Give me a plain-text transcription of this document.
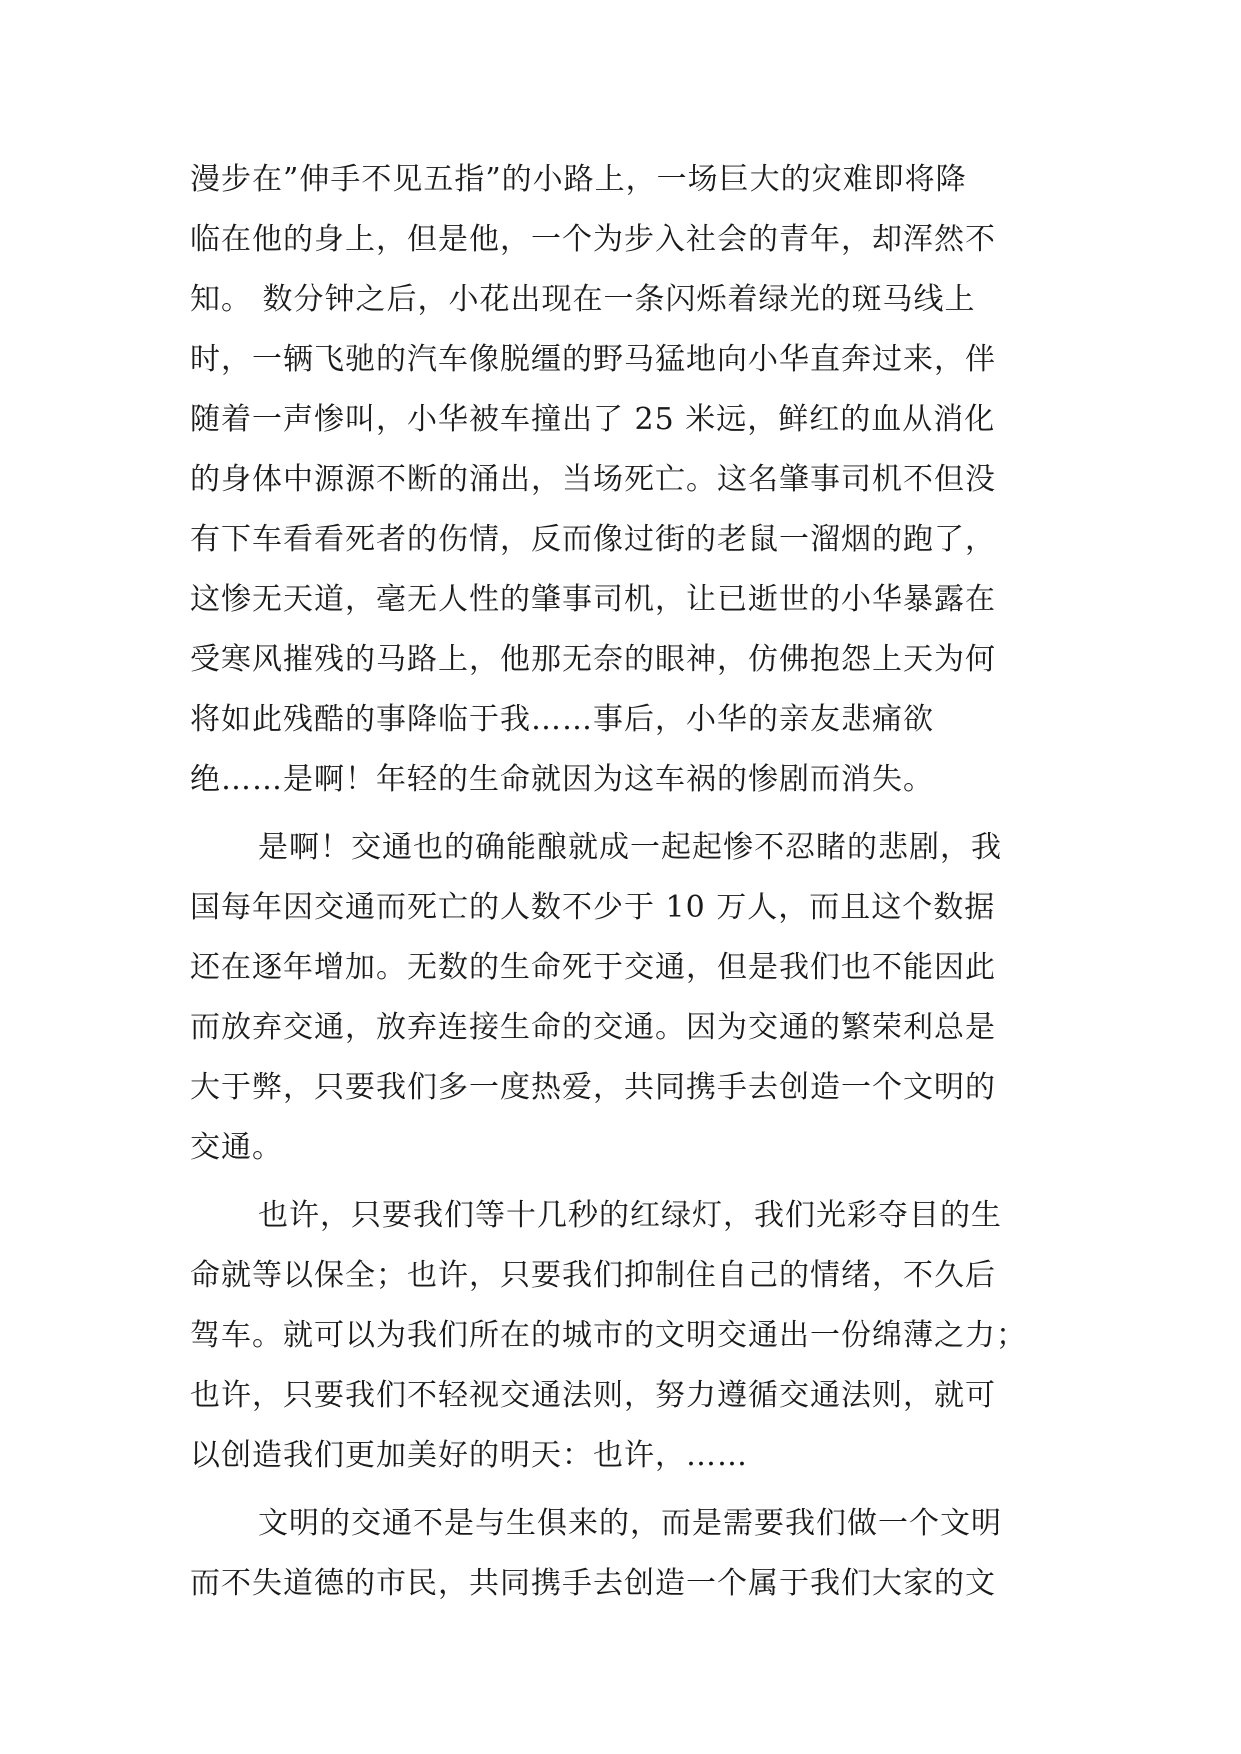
漫步在”伸手不见五指”的小路上，一场巨大的灾难即将降
临在他的身上，但是他，一个为步入社会的青年，却浑然不
知。 数分钟之后，小花出现在一条闪烁着绿光的斑马线上
时，一辆飞驰的汽车像脱缰的野马猛地向小华直奔过来，伴
随着一声惨叫，小华被车撞出了 25 米远，鲜红的血从消化
的身体中源源不断的涌出，当场死亡。这名肇事司机不但没
有下车看看死者的伤情，反而像过街的老鼠一溜烟的跑了，
这惨无天道，毫无人性的肇事司机，让已逝世的小华暴露在
受寒风摧残的马路上，他那无奈的眼神，仿佛抱怨上天为何
将如此残酷的事降临于我……事后，小华的亲友悲痛欲
绝……是啊！年轻的生命就因为这车祸的惨剧而消失。
是啊！交通也的确能酿就成一起起惨不忍睹的悲剧，我
国每年因交通而死亡的人数不少于 10 万人，而且这个数据
还在逐年增加。无数的生命死于交通，但是我们也不能因此
而放弃交通，放弃连接生命的交通。因为交通的繁荣利总是
大于弊，只要我们多一度热爱，共同携手去创造一个文明的
交通。
也许，只要我们等十几秒的红绿灯，我们光彩夺目的生
命就等以保全；也许，只要我们抑制住自己的情绪，不久后
驾车。就可以为我们所在的城市的文明交通出一份绵薄之力；
也许，只要我们不轻视交通法则，努力遵循交通法则，就可
以创造我们更加美好的明天：也许，……
文明的交通不是与生俱来的，而是需要我们做一个文明
而不失道德的市民，共同携手去创造一个属于我们大家的文
